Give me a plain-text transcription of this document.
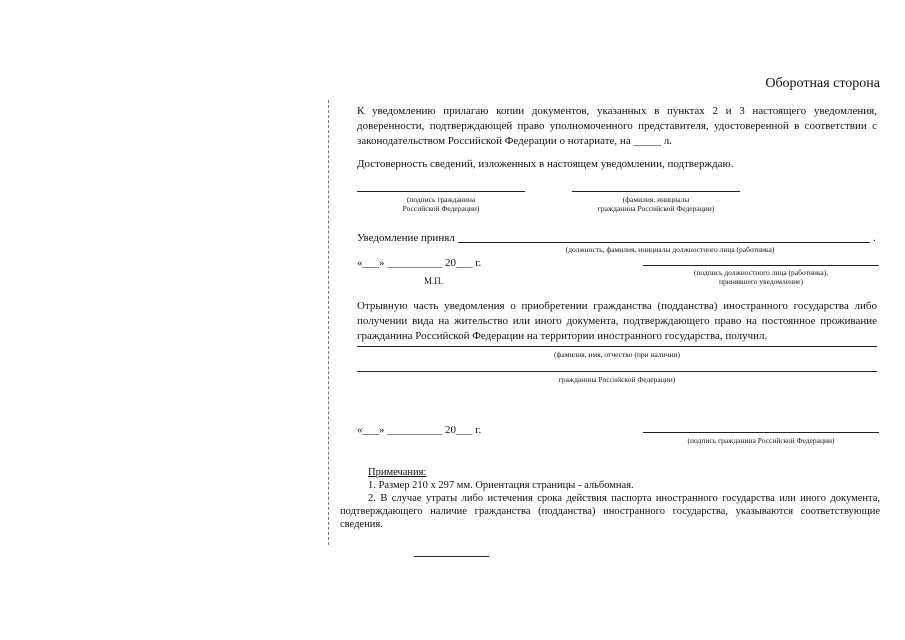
Оборотная сторона
К уведомлению прилагаю копии документов, указанных в пунктах 2 и 3 настоящего уведомления, доверенности, подтверждающей право уполномоченного представителя, удостоверенной в соответствии с законодательством Российской Федерации о нотариате, на _____ л.
Достоверность сведений, изложенных в настоящем уведомлении, подтверждаю.
(подпись гражданина
Российской Федерации)
(фамилия, инициалы
гражданина Российской Федерации)
Уведомление принял	.
(должность, фамилия, инициалы должностного лица (работника)
«___» __________ 20___ г.
(подпись должностного лица (работника),
принявшего уведомление)
М.П.
Отрывную часть уведомления о приобретении гражданства (подданства) иностранного государства либо получении вида на жительство или иного документа, подтверждающего право на постоянное проживание гражданина Российской Федерации на территории иностранного государства, получил.
(фамилия, имя, отчество (при наличии)
гражданина Российской Федерации)
«___» __________ 20___ г.
(подпись гражданина Российской Федерации)
Примечания:
1. Размер 210 х 297 мм. Ориентация страницы - альбомная.
2. В случае утраты либо истечения срока действия паспорта иностранного государства или иного документа, подтверждающего наличие гражданства (подданства) иностранного государства, указываются соответствующие сведения.
